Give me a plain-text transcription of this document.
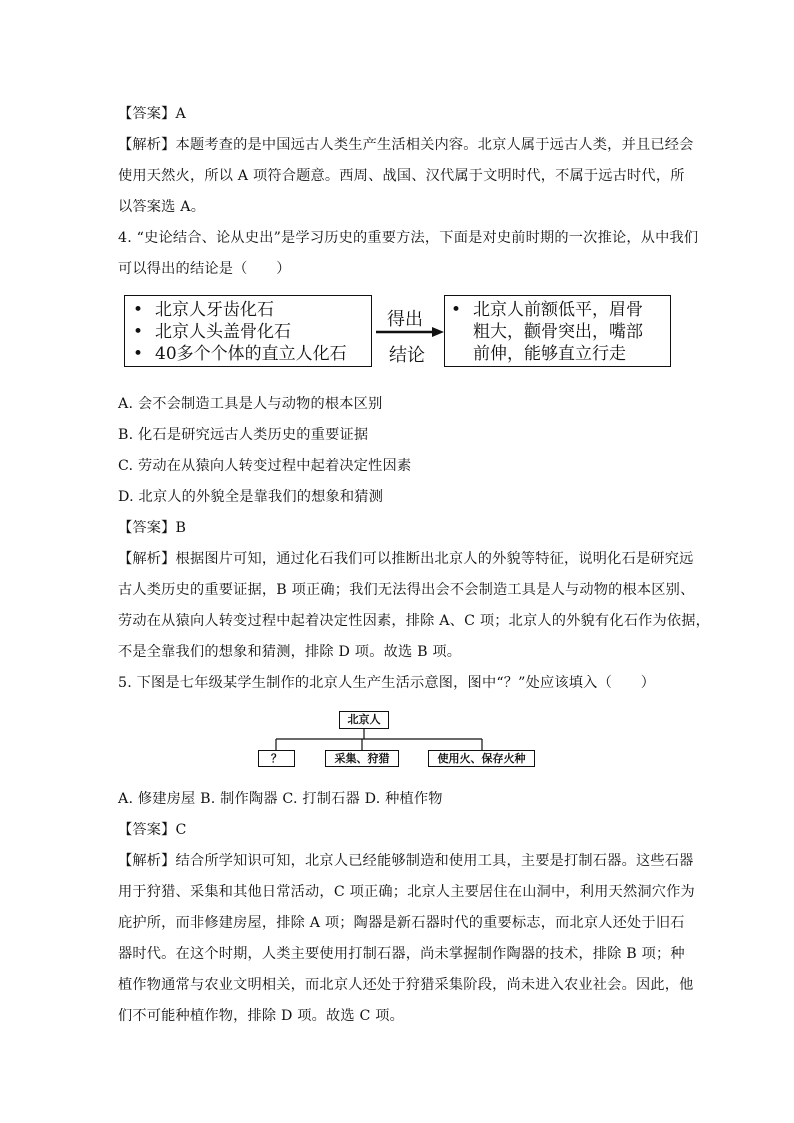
【答案】A
【解析】本题考查的是中国远古人类生产生活相关内容。北京人属于远古人类，并且已经会
使用天然火，所以 A 项符合题意。西周、战国、汉代属于文明时代，不属于远古时代，所
以答案选 A。
4. “史论结合、论从史出”是学习历史的重要方法，下面是对史前时期的一次推论，从中我们
可以得出的结论是（　　）
• 北京人牙齿化石
• 北京人头盖骨化石
• 40多个个体的直立人化石
得出
结论
• 北京人前额低平，眉骨
粗大，颧骨突出，嘴部
前伸，能够直立行走
A. 会不会制造工具是人与动物的根本区别
B. 化石是研究远古人类历史的重要证据
C. 劳动在从猿向人转变过程中起着决定性因素
D. 北京人的外貌全是靠我们的想象和猜测
【答案】B
【解析】根据图片可知，通过化石我们可以推断出北京人的外貌等特征，说明化石是研究远
古人类历史的重要证据，B 项正确；我们无法得出会不会制造工具是人与动物的根本区别、
劳动在从猿向人转变过程中起着决定性因素，排除 A、C 项；北京人的外貌有化石作为依据，
不是全靠我们的想象和猜测，排除 D 项。故选 B 项。
5. 下图是七年级某学生制作的北京人生产生活示意图，图中“？”处应该填入（　　）
北京人
？	采集、狩猎	使用火、保存火种
A. 修建房屋 B. 制作陶器 C. 打制石器 D. 种植作物
【答案】C
【解析】结合所学知识可知，北京人已经能够制造和使用工具，主要是打制石器。这些石器
用于狩猎、采集和其他日常活动，C 项正确；北京人主要居住在山洞中，利用天然洞穴作为
庇护所，而非修建房屋，排除 A 项；陶器是新石器时代的重要标志，而北京人还处于旧石
器时代。在这个时期，人类主要使用打制石器，尚未掌握制作陶器的技术，排除 B 项；种
植作物通常与农业文明相关，而北京人还处于狩猎采集阶段，尚未进入农业社会。因此，他
们不可能种植作物，排除 D 项。故选 C 项。
